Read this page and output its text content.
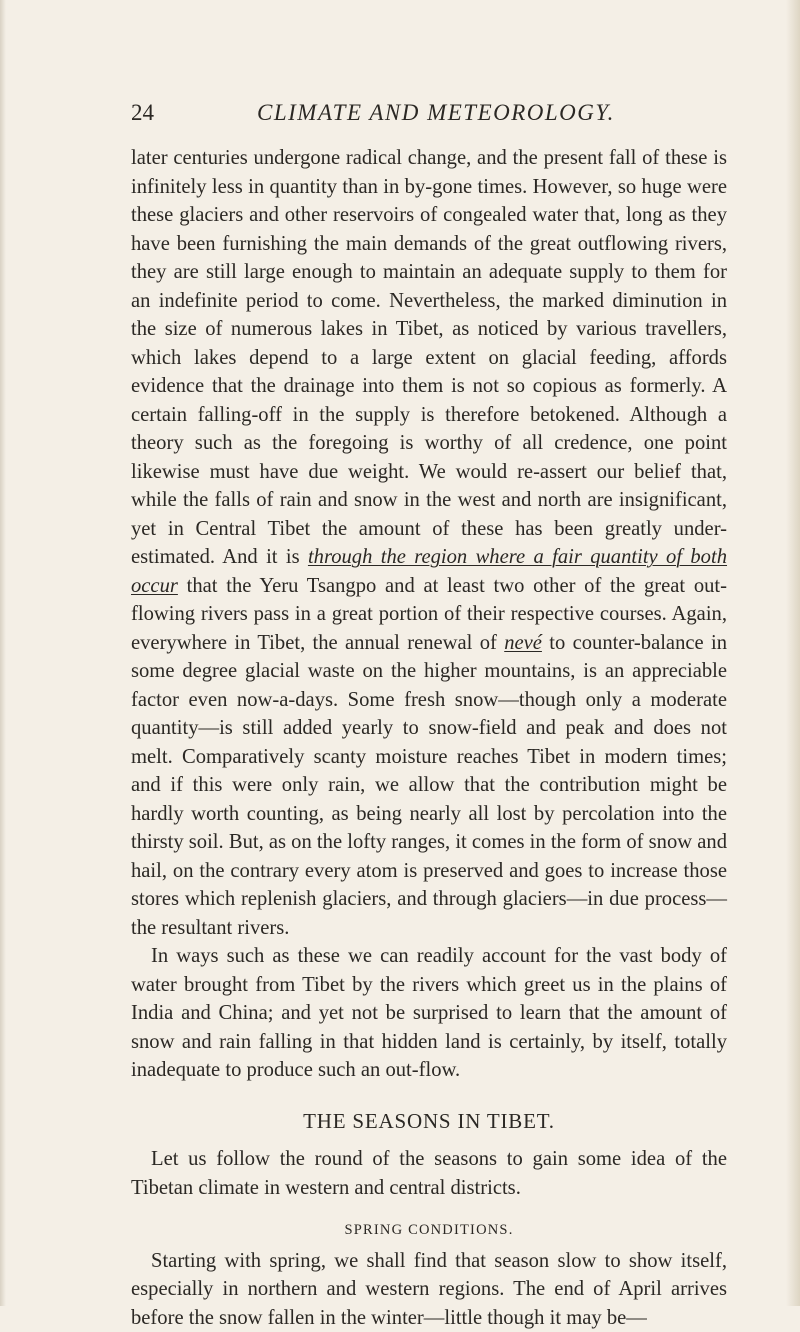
24	CLIMATE AND METEOROLOGY.

later centuries undergone radical change, and the present fall of these is infinitely less in quantity than in by-gone times. However, so huge were these glaciers and other reservoirs of congealed water that, long as they have been furnishing the main demands of the great outflowing rivers, they are still large enough to maintain an adequate supply to them for an indefinite period to come. Nevertheless, the marked diminution in the size of numerous lakes in Tibet, as noticed by various travellers, which lakes depend to a large extent on glacial feeding, affords evidence that the drainage into them is not so copious as formerly. A certain falling-off in the supply is therefore betokened. Although a theory such as the foregoing is worthy of all credence, one point likewise must have due weight. We would re-assert our belief that, while the falls of rain and snow in the west and north are insignificant, yet in Central Tibet the amount of these has been greatly under-estimated. And it is through the region where a fair quantity of both occur that the Yeru Tsangpo and at least two other of the great out-flowing rivers pass in a great portion of their respective courses. Again, everywhere in Tibet, the annual renewal of nevé to counter-balance in some degree glacial waste on the higher mountains, is an appreciable factor even now-a-days. Some fresh snow—though only a moderate quantity—is still added yearly to snow-field and peak and does not melt. Comparatively scanty moisture reaches Tibet in modern times; and if this were only rain, we allow that the contribution might be hardly worth counting, as being nearly all lost by percolation into the thirsty soil. But, as on the lofty ranges, it comes in the form of snow and hail, on the contrary every atom is preserved and goes to increase those stores which replenish glaciers, and through glaciers—in due process—the resultant rivers.

In ways such as these we can readily account for the vast body of water brought from Tibet by the rivers which greet us in the plains of India and China; and yet not be surprised to learn that the amount of snow and rain falling in that hidden land is certainly, by itself, totally inadequate to produce such an out-flow.

THE SEASONS IN TIBET.

Let us follow the round of the seasons to gain some idea of the Tibetan climate in western and central districts.

SPRING CONDITIONS.

Starting with spring, we shall find that season slow to show itself, especially in northern and western regions. The end of April arrives before the snow fallen in the winter—little though it may be—
